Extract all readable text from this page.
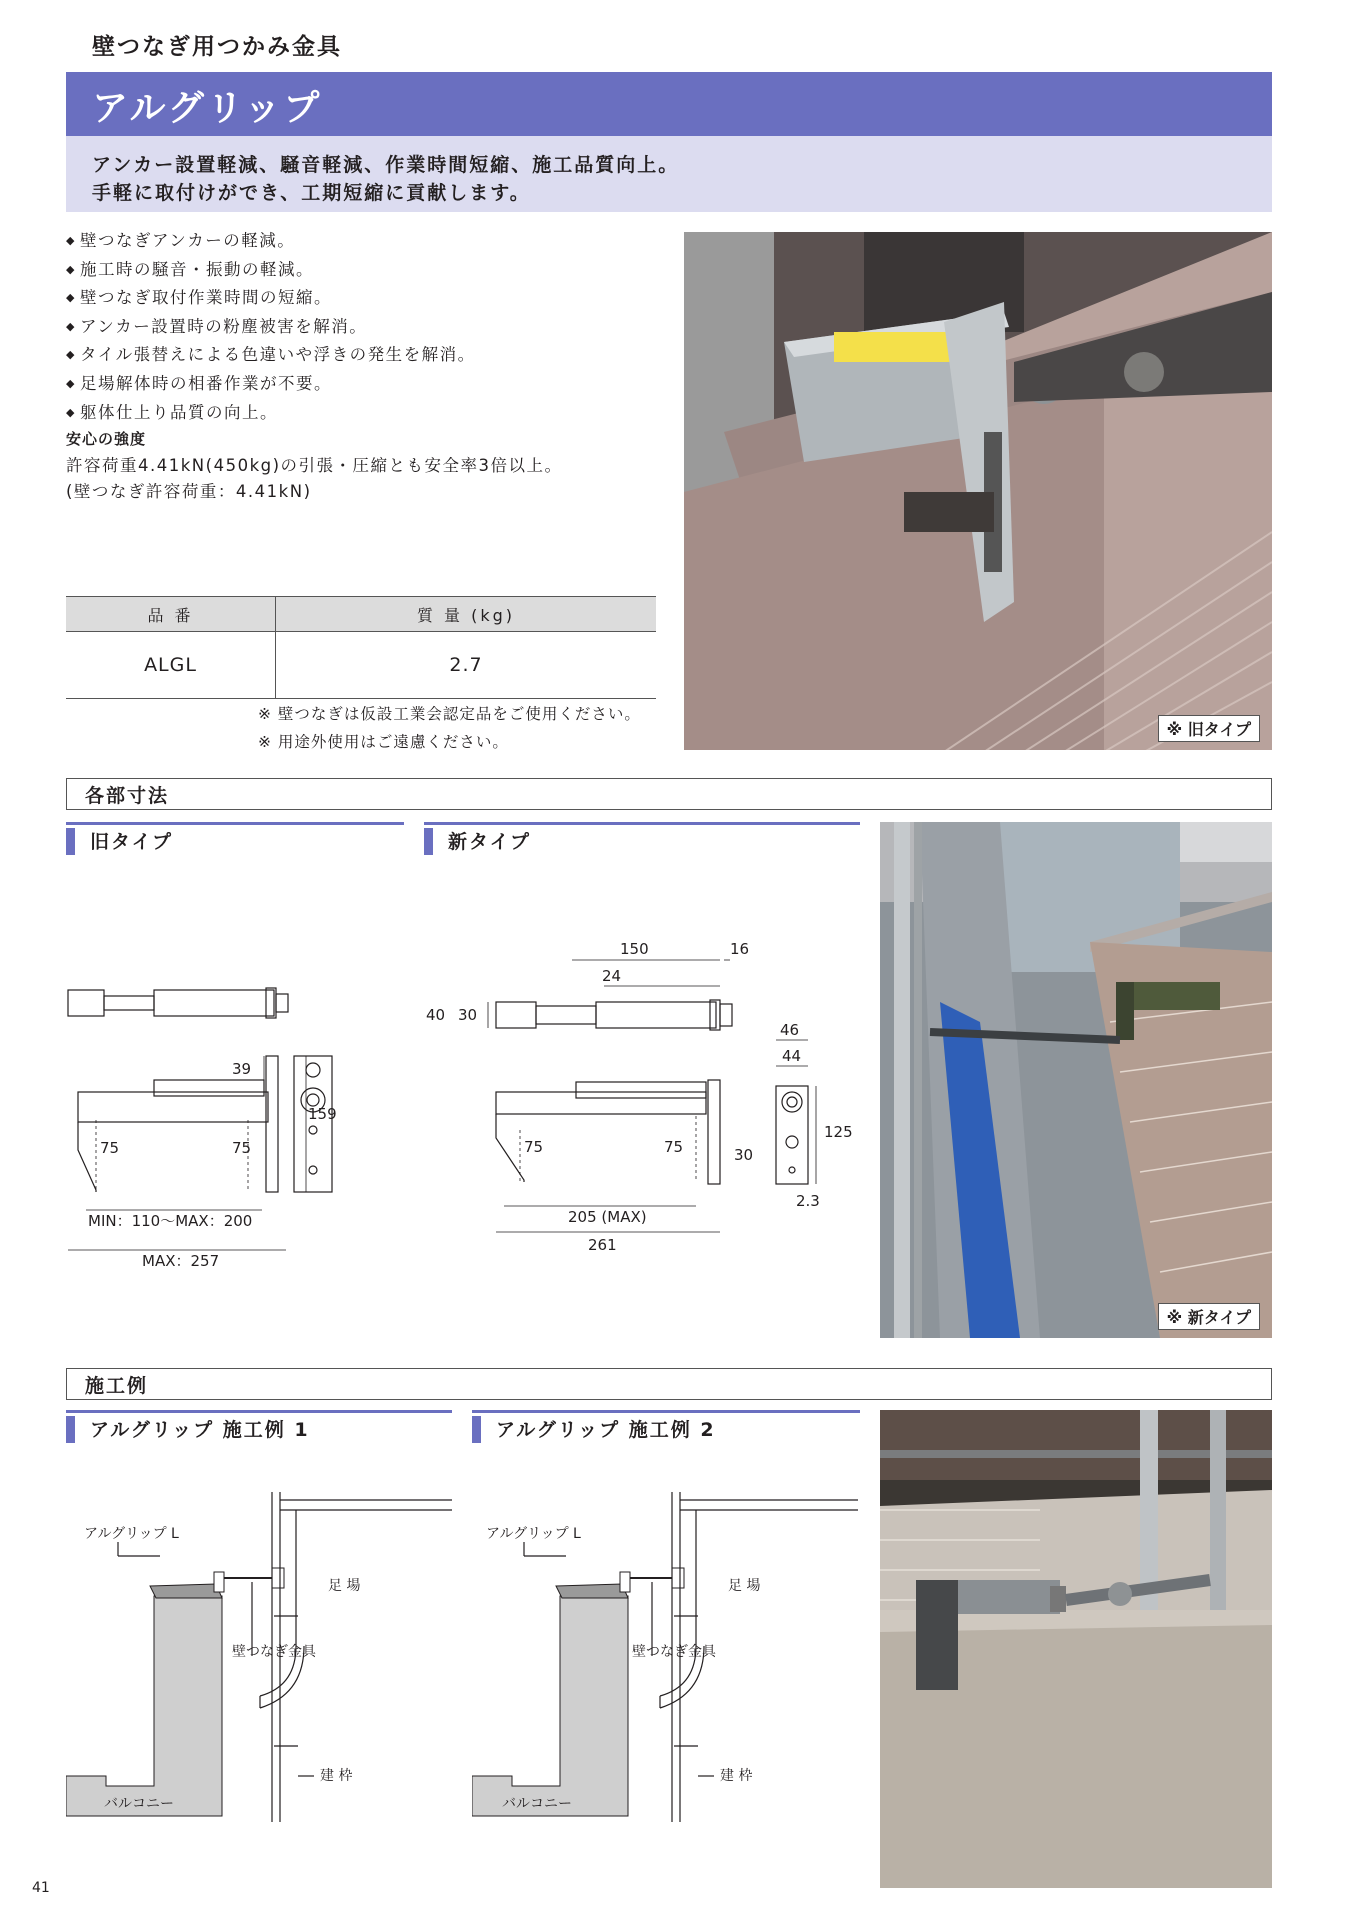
壁つなぎ用つかみ金具
アルグリップ
アンカー設置軽減、騒音軽減、作業時間短縮、施工品質向上。
手軽に取付けができ、工期短縮に貢献します。
◆ 壁つなぎアンカーの軽減。
◆ 施工時の騒音・振動の軽減。
◆ 壁つなぎ取付作業時間の短縮。
◆ アンカー設置時の粉塵被害を解消。
◆ タイル張替えによる色違いや浮きの発生を解消。
◆ 足場解体時の相番作業が不要。
◆ 躯体仕上り品質の向上。
安心の強度
許容荷重4.41kN(450kg)の引張・圧縮とも安全率3倍以上。
(壁つなぎ許容荷重：4.41kN)
品 番	質 量 (kg)
ALGL	2.7
※ 壁つなぎは仮設工業会認定品をご使用ください。
※ 用途外使用はご遠慮ください。
※ 旧タイプ
各部寸法
旧タイプ	新タイプ
39
159
75	75
MIN：110〜MAX：200
MAX：257
150	16
24
40 30
46
44
125
75	75	30
2.3
205 (MAX)
261
※ 新タイプ
施工例
アルグリップ 施工例 1	アルグリップ 施工例 2
アルグリップ L
足 場
壁つなぎ金具
建 枠
バルコニー
アルグリップ L
足 場
壁つなぎ金具
建 枠
バルコニー
41
